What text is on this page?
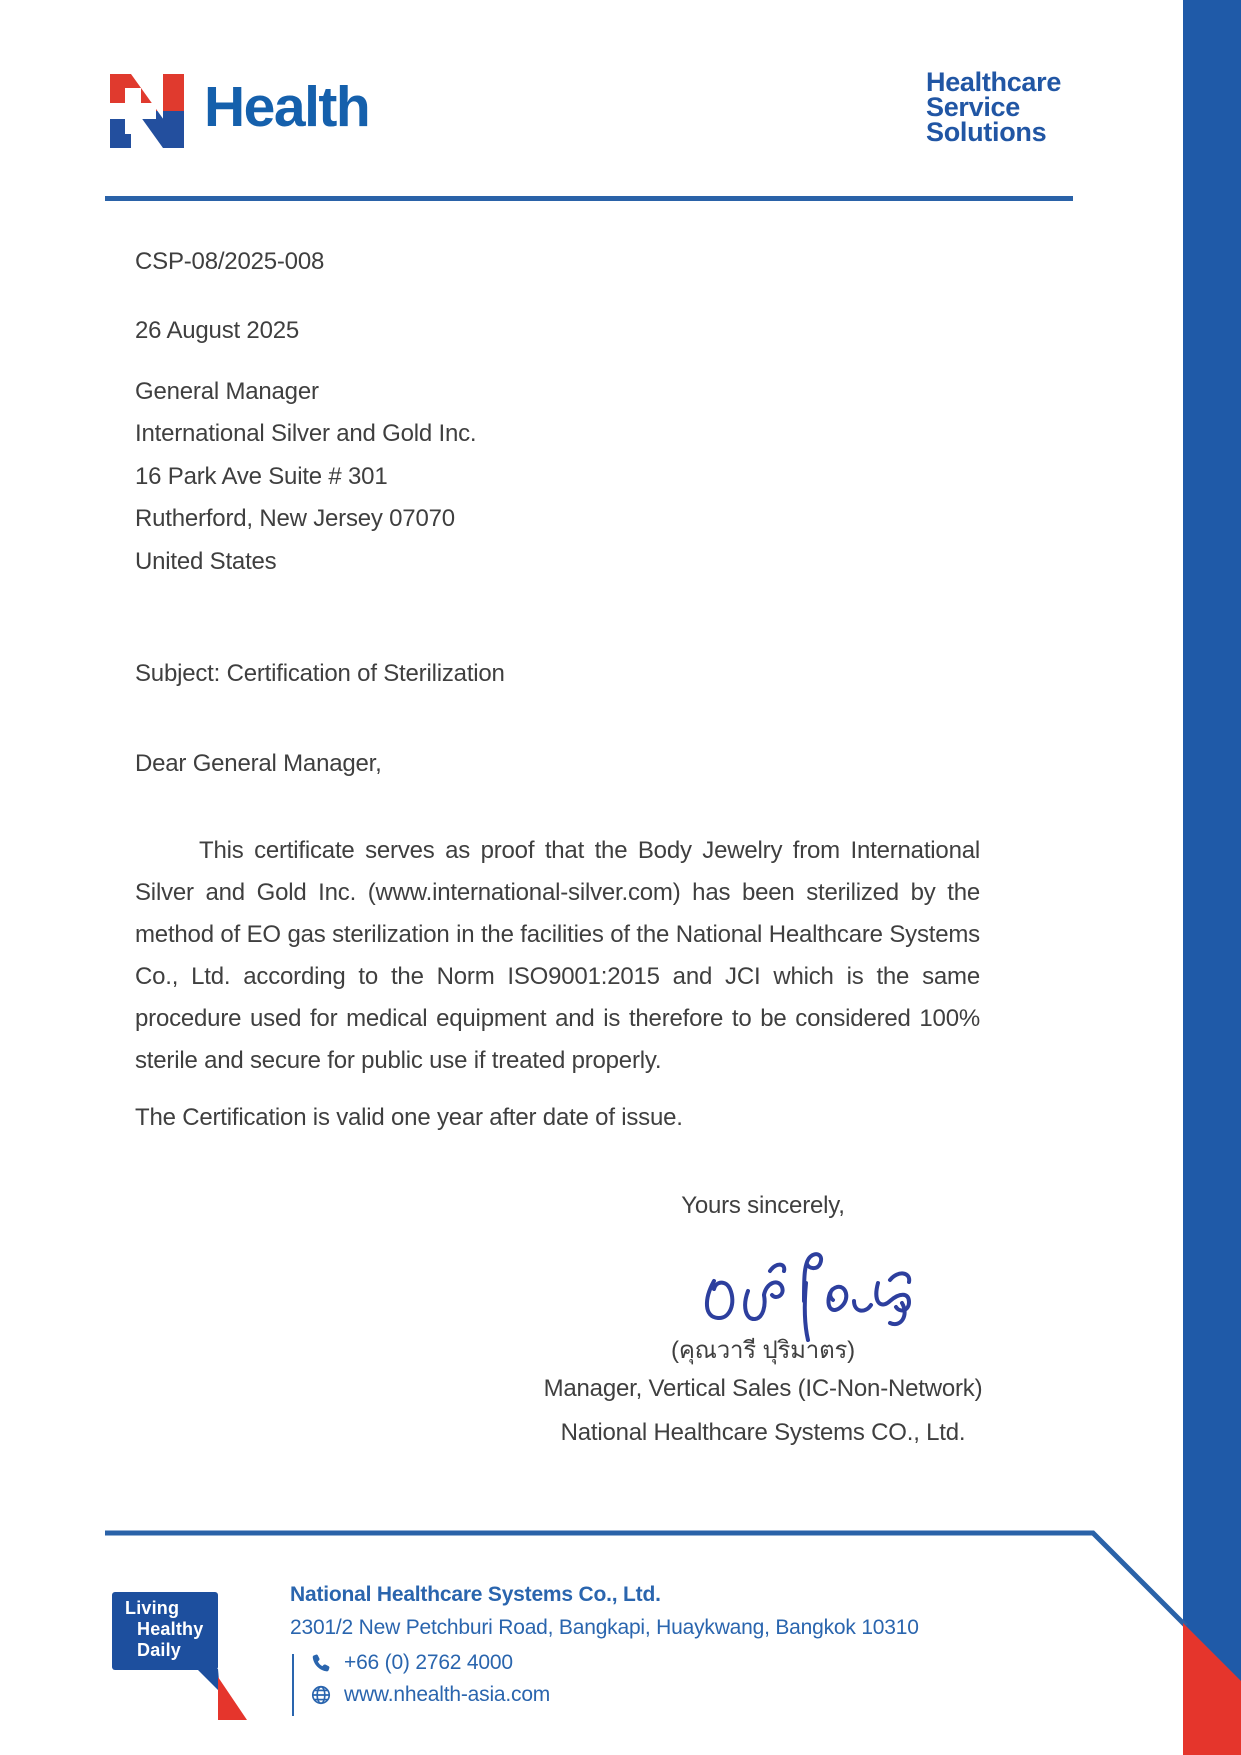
Health	Healthcare
Service
Solutions
CSP-08/2025-008
26 August 2025
General Manager
International Silver and Gold Inc.
16 Park Ave Suite # 301
Rutherford, New Jersey 07070
United States
Subject: Certification of Sterilization
Dear General Manager,
This certificate serves as proof that the Body Jewelry from International Silver and Gold Inc. (www.international-silver.com) has been sterilized by the method of EO gas sterilization in the facilities of the National Healthcare Systems Co., Ltd. according to the Norm ISO9001:2015 and JCI which is the same procedure used for medical equipment and is therefore to be considered 100% sterile and secure for public use if treated properly.
The Certification is valid one year after date of issue.
Yours sincerely,
(คุณวารี ปุริมาตร)
Manager, Vertical Sales (IC-Non-Network)
National Healthcare Systems CO., Ltd.
Living
Healthy
Daily
National Healthcare Systems Co., Ltd.
2301/2 New Petchburi Road, Bangkapi, Huaykwang, Bangkok 10310
+66 (0) 2762 4000
www.nhealth-asia.com
